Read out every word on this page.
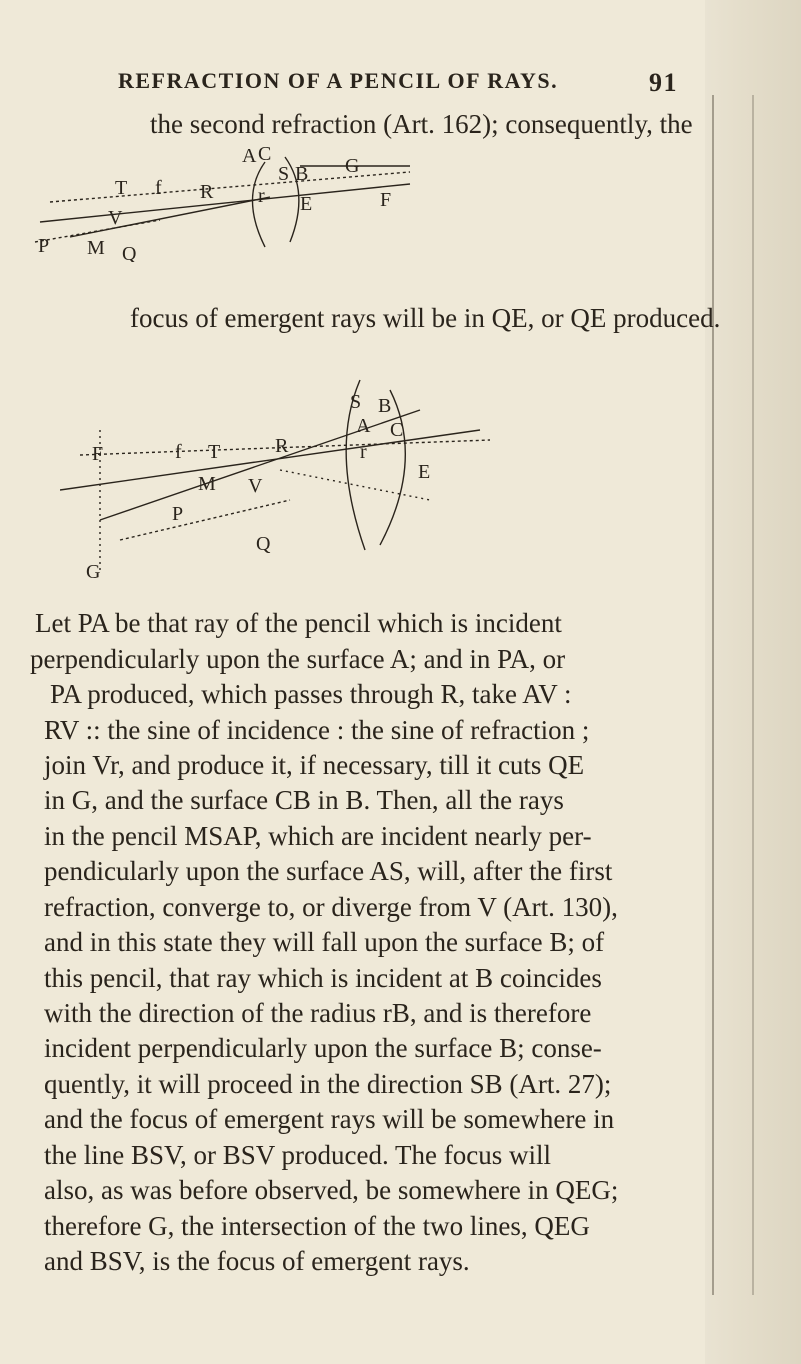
REFRACTION OF A PENCIL OF RAYS.	91
the second refraction (Art. 162); consequently, the
A C
G
S B
T f R r E	F
P
V
M Q
focus of emergent rays will be in QE, or QE produced.
S B
A C
F	f T	R	r
E
M V
P
Q
G
Let PA be that ray of the pencil which is incident
perpendicularly upon the surface A; and in PA, or
PA produced, which passes through R, take AV :
RV :: the sine of incidence : the sine of refraction ;
join Vr, and produce it, if necessary, till it cuts QE
in G, and the surface CB in B. Then, all the rays
in the pencil MSAP, which are incident nearly per-
pendicularly upon the surface AS, will, after the first
refraction, converge to, or diverge from V (Art. 130),
and in this state they will fall upon the surface B; of
this pencil, that ray which is incident at B coincides
with the direction of the radius rB, and is therefore
incident perpendicularly upon the surface B; conse-
quently, it will proceed in the direction SB (Art. 27);
and the focus of emergent rays will be somewhere in
the line BSV, or BSV produced. The focus will
also, as was before observed, be somewhere in QEG;
therefore G, the intersection of the two lines, QEG
and BSV, is the focus of emergent rays.
